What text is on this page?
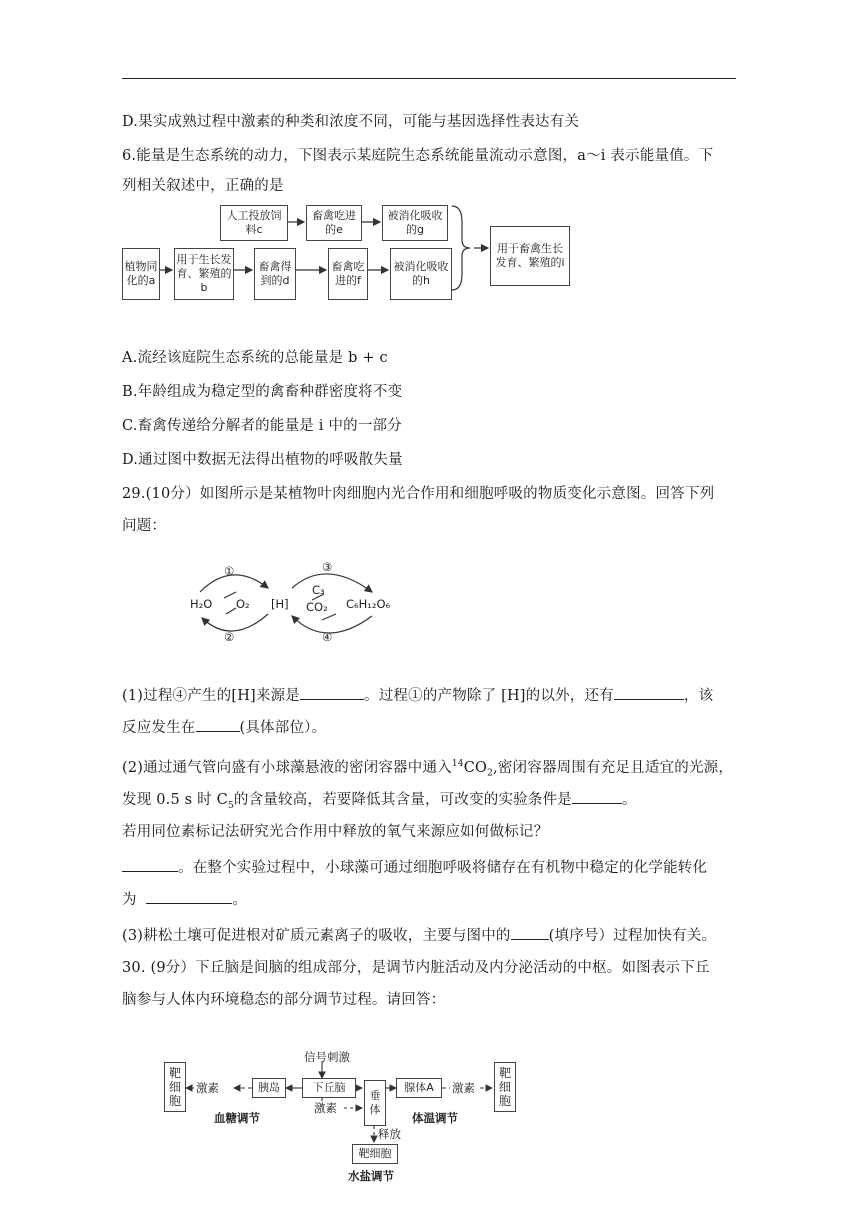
D.果实成熟过程中激素的种类和浓度不同，可能与基因选择性表达有关
6.能量是生态系统的动力，下图表示某庭院生态系统能量流动示意图，a～i 表示能量值。下
列相关叙述中，正确的是
人工投放饲料c
畜禽吃进的e
被消化吸收的g
植物同化的a
用于生长发育、繁殖的b
畜禽得到的d
畜禽吃进的f
被消化吸收的h
用于畜禽生长发育、繁殖的i
A.流经该庭院生态系统的总能量是 b + c
B.年龄组成为稳定型的禽畜种群密度将不变
C.畜禽传递给分解者的能量是 i 中的一部分
D.通过图中数据无法得出植物的呼吸散失量
29.(10分）如图所示是某植物叶肉细胞内光合作用和细胞呼吸的物质变化示意图。回答下列
问题：
①
H₂O O₂ [H]
②
③
C₃
CO₂ C₆H₁₂O₆
④
(1)过程④产生的[H]来源是	。过程①的产物除了 [H]的以外，还有	，该
反应发生在	(具体部位）。
(2)通过通气管向盛有小球藻悬液的密闭容器中通入$^{14}CO_2$,密闭容器周围有充足且适宜的光源，
发现 0.5 s 时 $C_5$的含量较高，若要降低其含量，可改变的实验条件是	。
若用同位素标记法研究光合作用中释放的氧气来源应如何做标记？
。在整个实验过程中，小球藻可通过细胞呼吸将储存在有机物中稳定的化学能转化
为	。
(3)耕松土壤可促进根对矿质元素离子的吸收，主要与图中的	(填序号）过程加快有关。
30. (9分）下丘脑是间脑的组成部分，是调节内脏活动及内分泌活动的中枢。如图表示下丘
脑参与人体内环境稳态的部分调节过程。请回答：
靶细胞
激素	胰岛
信号刺激
下丘脑
垂体
腺体A	激素
靶细胞
激素
释放
靶细胞
血糖调节	体温调节
水盐调节
